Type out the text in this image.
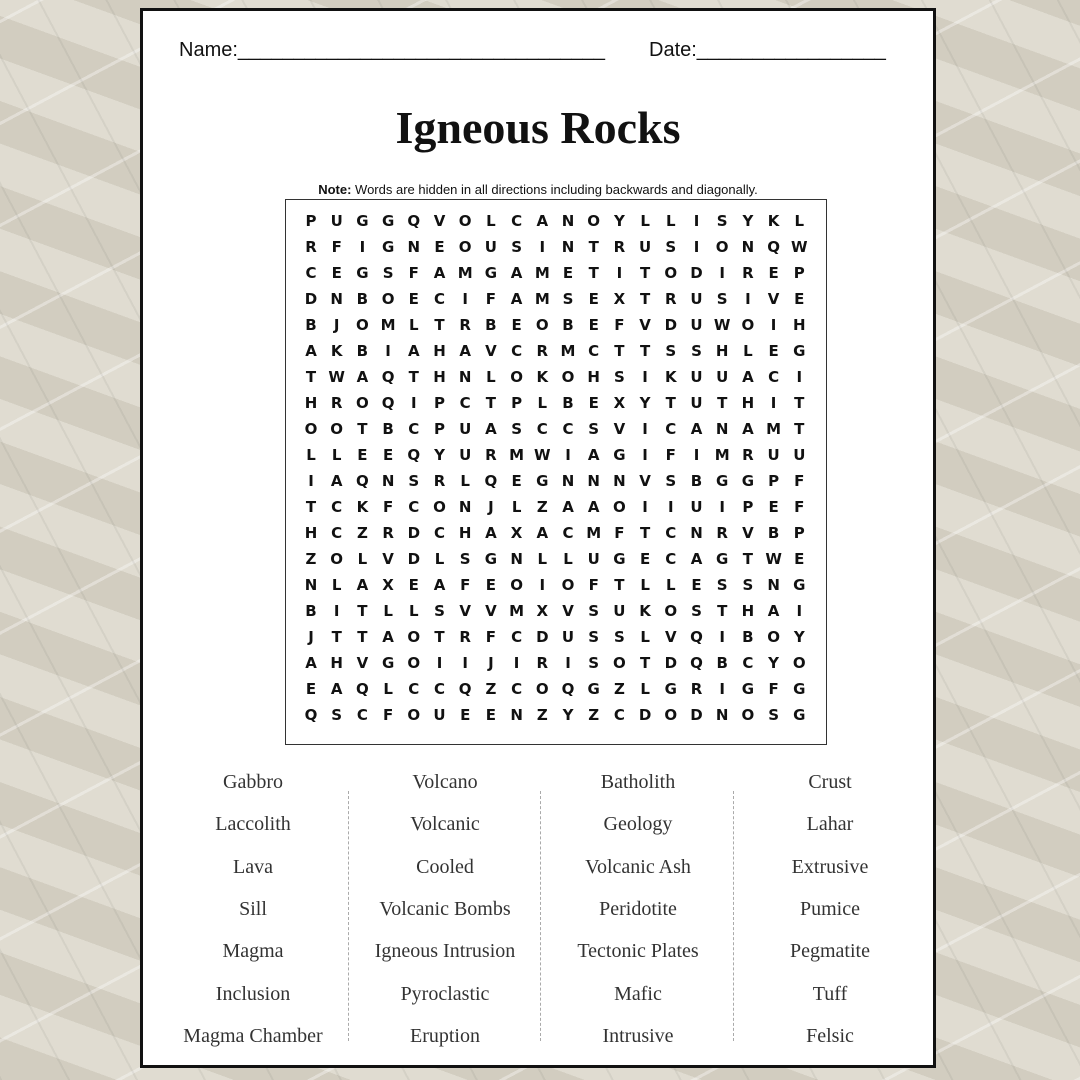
Name:_________________________________ Date:_________________
Igneous Rocks
Note: Words are hidden in all directions including backwards and diagonally.
P U G G Q V O L	C A N O Y	L	L	I	S Y K	L
R F	I	G N E O U S	I	N T R U S	I	O N Q W
C	E G S	F A M G A M E	T	I	T O D	I	R E	P
D N B O E	C	I	F A M S	E X T R U S	I	V E
B	J	O M L	T R B E O B E	F V D U W O	I	H
A K B	I	A H A V C R M C	T	T	S S H L	E G
T W A Q T H N L O K O H S	I	K U U A C	I
H R O Q	I	P C	T	P	L	B E X Y	T U T H	I	T
O O T B C P U A S C C S V	I	C A N A M T
L	L	E	E Q Y U R M W I	A G	I	F	I	M R U U
I	A Q N S R	L Q E G N N N V S B G G P	F
T	C K F	C O N	J	L	Z A A O	I	I	U	I	P	E	F
H C Z R D C H A X A C M F	T	C N R V B P
Z O L	V D L	S G N L	L U G E	C A G T W E
N L	A X E A F	E O	I	O F	T	L	L	E	S S N G
B	I	T	L	L	S V V M X V S U K O S	T H A	I
J	T	T A O T R F	C D U S S	L	V Q	I	B O Y
A H V G O	I	I	J	I	R	I	S O T D Q B C Y O
E A Q L	C C Q Z C O Q G Z	L G R	I	G F G
Q S C	F O U E	E N Z Y Z C D O D N O S G
Gabbro
Laccolith
Lava
Sill
Magma
Inclusion
Magma Chamber
Volcano
Volcanic
Cooled
Volcanic Bombs
Igneous Intrusion
Pyroclastic
Eruption
Batholith
Geology
Volcanic Ash
Peridotite
Tectonic Plates
Mafic
Intrusive
Crust
Lahar
Extrusive
Pumice
Pegmatite
Tuff
Felsic
